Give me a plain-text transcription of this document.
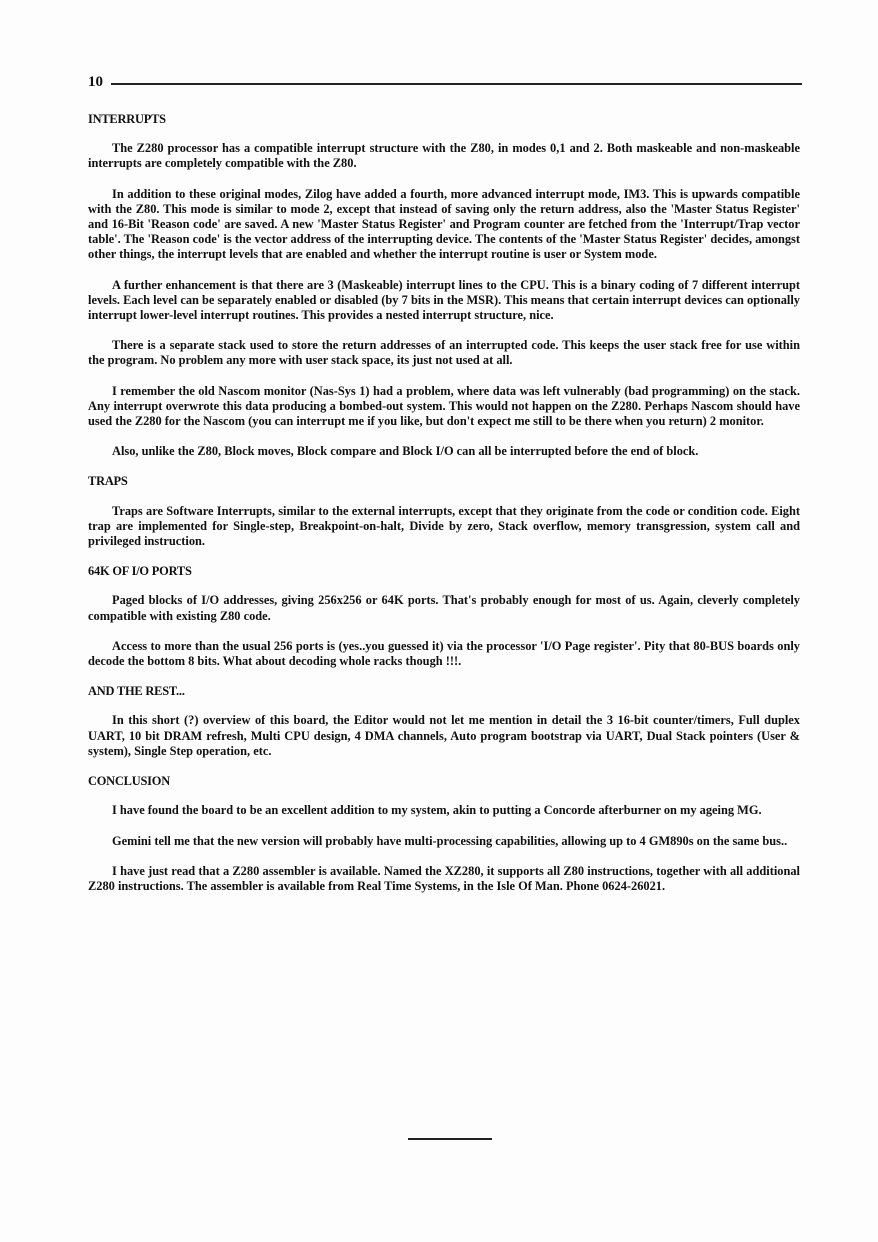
10
INTERRUPTS

The Z280 processor has a compatible interrupt structure with the Z80, in modes 0,1 and 2. Both maskeable and non-maskeable interrupts are completely compatible with the Z80.

In addition to these original modes, Zilog have added a fourth, more advanced interrupt mode, IM3. This is upwards compatible with the Z80. This mode is similar to mode 2, except that instead of saving only the return address, also the 'Master Status Register' and 16-Bit 'Reason code' are saved. A new 'Master Status Register' and Program counter are fetched from the 'Interrupt/Trap vector table'. The 'Reason code' is the vector address of the interrupting device. The contents of the 'Master Status Register' decides, amongst other things, the interrupt levels that are enabled and whether the interrupt routine is user or System mode.

A further enhancement is that there are 3 (Maskeable) interrupt lines to the CPU. This is a binary coding of 7 different interrupt levels. Each level can be separately enabled or disabled (by 7 bits in the MSR). This means that certain interrupt devices can optionally interrupt lower-level interrupt routines. This provides a nested interrupt structure, nice.

There is a separate stack used to store the return addresses of an interrupted code. This keeps the user stack free for use within the program. No problem any more with user stack space, its just not used at all.

I remember the old Nascom monitor (Nas-Sys 1) had a problem, where data was left vulnerably (bad programming) on the stack. Any interrupt overwrote this data producing a bombed-out system. This would not happen on the Z280. Perhaps Nascom should have used the Z280 for the Nascom (you can interrupt me if you like, but don't expect me still to be there when you return) 2 monitor.

Also, unlike the Z80, Block moves, Block compare and Block I/O can all be interrupted before the end of block.

TRAPS

Traps are Software Interrupts, similar to the external interrupts, except that they originate from the code or condition code. Eight trap are implemented for Single-step, Breakpoint-on-halt, Divide by zero, Stack overflow, memory transgression, system call and privileged instruction.

64K OF I/O PORTS

Paged blocks of I/O addresses, giving 256x256 or 64K ports. That's probably enough for most of us. Again, cleverly completely compatible with existing Z80 code.

Access to more than the usual 256 ports is (yes..you guessed it) via the processor 'I/O Page register'. Pity that 80-BUS boards only decode the bottom 8 bits. What about decoding whole racks though !!!.

AND THE REST...

In this short (?) overview of this board, the Editor would not let me mention in detail the 3 16-bit counter/timers, Full duplex UART, 10 bit DRAM refresh, Multi CPU design, 4 DMA channels, Auto program bootstrap via UART, Dual Stack pointers (User & system), Single Step operation, etc.

CONCLUSION

I have found the board to be an excellent addition to my system, akin to putting a Concorde afterburner on my ageing MG.

Gemini tell me that the new version will probably have multi-processing capabilities, allowing up to 4 GM890s on the same bus..

I have just read that a Z280 assembler is available. Named the XZ280, it supports all Z80 instructions, together with all additional Z280 instructions. The assembler is available from Real Time Systems, in the Isle Of Man. Phone 0624-26021.
